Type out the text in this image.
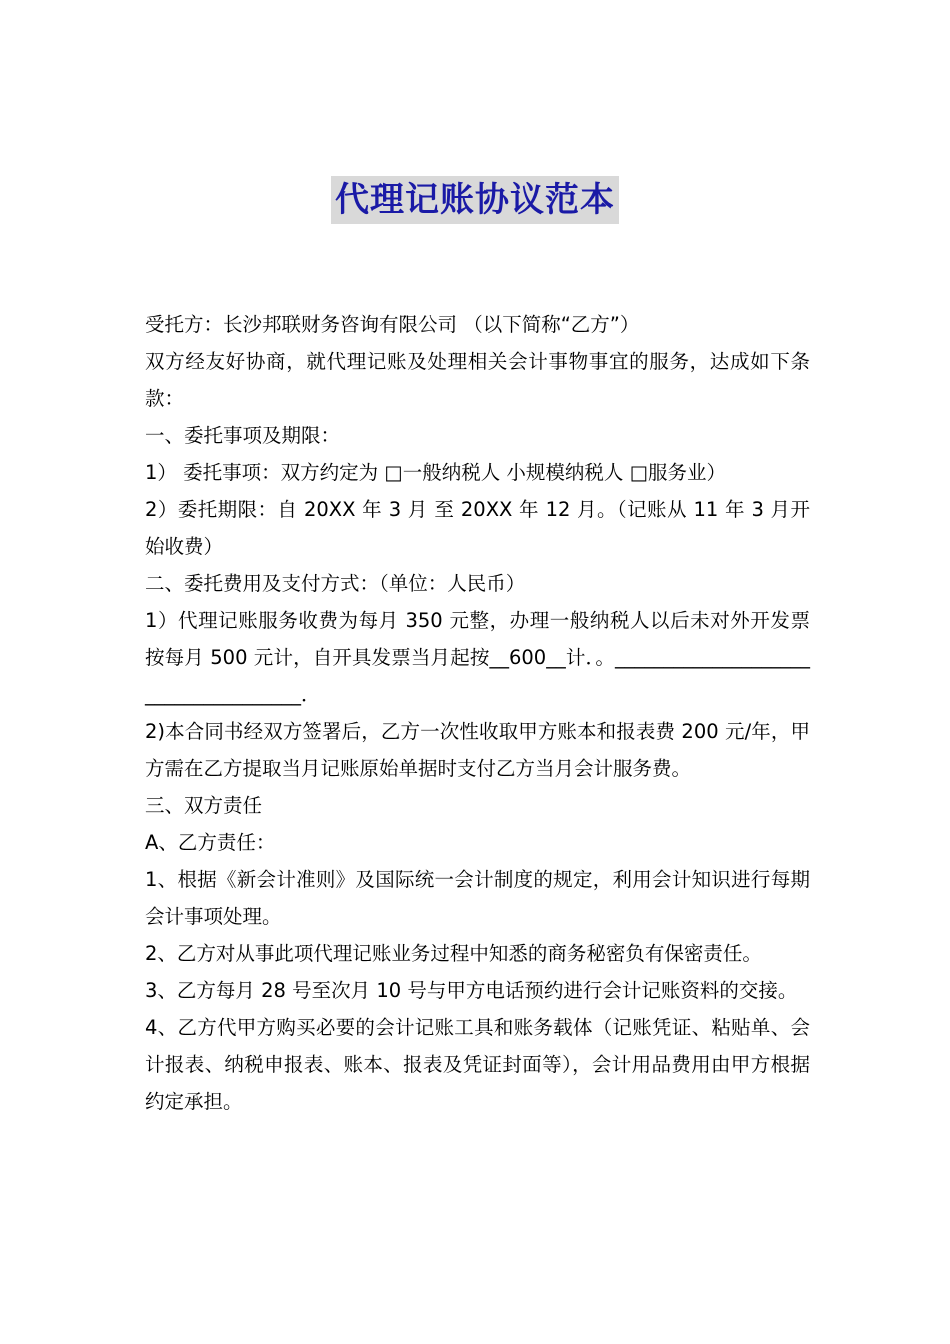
代理记账协议范本

受托方：长沙邦联财务咨询有限公司 （以下简称“乙方”）

双方经友好协商，就代理记账及处理相关会计事物事宜的服务，达成如下条款：

一、委托事项及期限：

1） 委托事项：双方约定为 □一般纳税人 小规模纳税人 □服务业）

2）委托期限：自 20XX 年 3 月 至 20XX 年 12 月。（记账从 11 年 3 月开始收费）

二、委托费用及支付方式：（单位：人民币）

1）代理记账服务收费为每月 350 元整，办理一般纳税人以后未对外开发票按每月 500 元计，自开具发票当月起按__600__计．。____________________________________．

2)本合同书经双方签署后，乙方一次性收取甲方账本和报表费 200 元/年，甲方需在乙方提取当月记账原始单据时支付乙方当月会计服务费。

三、双方责任

A、乙方责任：

1、根据《新会计准则》及国际统一会计制度的规定，利用会计知识进行每期会计事项处理。

2、乙方对从事此项代理记账业务过程中知悉的商务秘密负有保密责任。

3、乙方每月 28 号至次月 10 号与甲方电话预约进行会计记账资料的交接。

4、乙方代甲方购买必要的会计记账工具和账务载体（记账凭证、粘贴单、会计报表、纳税申报表、账本、报表及凭证封面等），会计用品费用由甲方根据约定承担。
